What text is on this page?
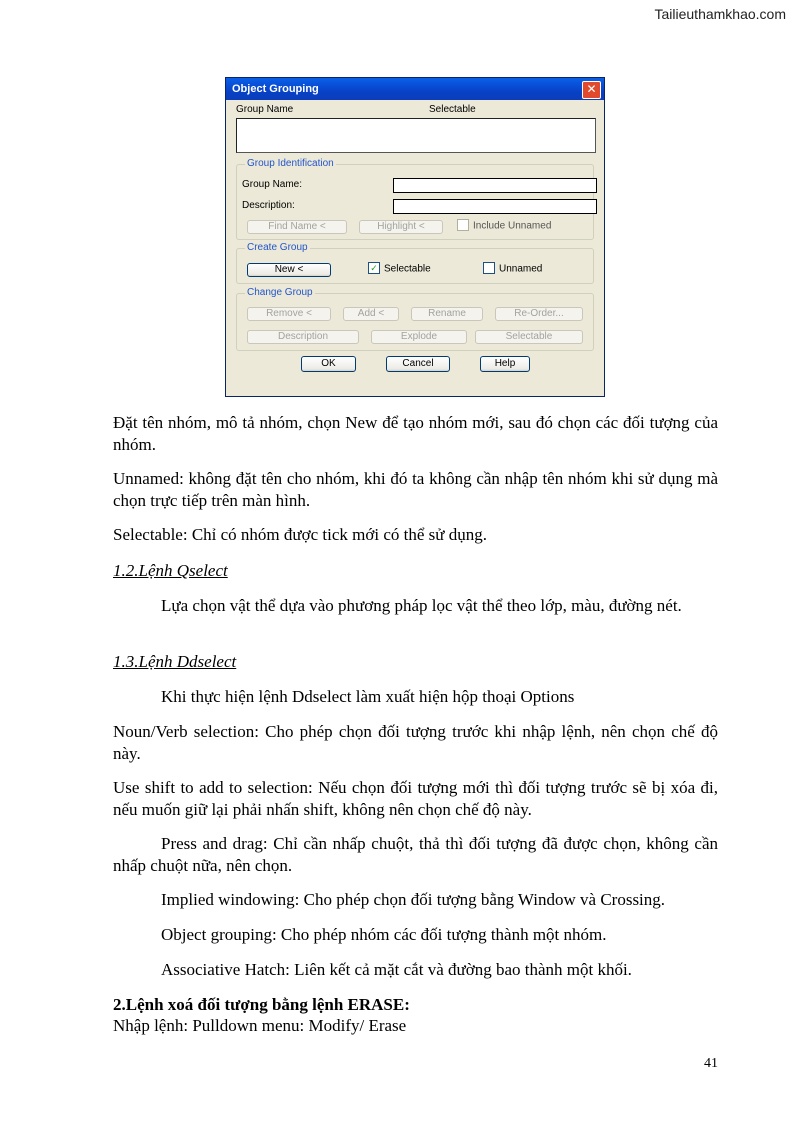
Tailieuthamkhao.com
Object Grouping	✕
Group Name	Selectable
Group Identification
Group Name:
Description:
Find Name <	Highlight <	Include Unnamed
Create Group
New <	✓ Selectable	Unnamed
Change Group
Remove <	Add <	Rename	Re-Order...
Description	Explode	Selectable
OK	Cancel	Help
Đặt tên nhóm, mô tả nhóm, chọn New để tạo nhóm mới, sau đó chọn các đối tượng của nhóm.
Unnamed: không đặt tên cho nhóm, khi đó ta không cần nhập tên nhóm khi sử dụng mà chọn trực tiếp trên màn hình.
Selectable: Chỉ có nhóm được tick mới có thể sử dụng.
1.2.Lệnh Qselect
Lựa chọn vật thể dựa vào phương pháp lọc vật thể theo lớp, màu, đường nét.
1.3.Lệnh Ddselect
Khi thực hiện lệnh Ddselect làm xuất hiện hộp thoại Options
Noun/Verb selection: Cho phép chọn đối tượng trước khi nhập lệnh, nên chọn chế độ này.
Use shift to add to selection: Nếu chọn đối tượng mới thì đối tượng trước sẽ bị xóa đi, nếu muốn giữ lại phải nhấn shift, không nên chọn chế độ này.
Press and drag: Chỉ cần nhấp chuột, thả thì đối tượng đã được chọn, không cần nhấp chuột nữa, nên chọn.
Implied windowing: Cho phép chọn đối tượng bằng Window và Crossing.
Object grouping: Cho phép nhóm các đối tượng thành một nhóm.
Associative Hatch: Liên kết cả mặt cắt và đường bao thành một khối.
2.Lệnh xoá đối tượng bằng lệnh ERASE:
Nhập lệnh: Pulldown menu: Modify/ Erase
41
